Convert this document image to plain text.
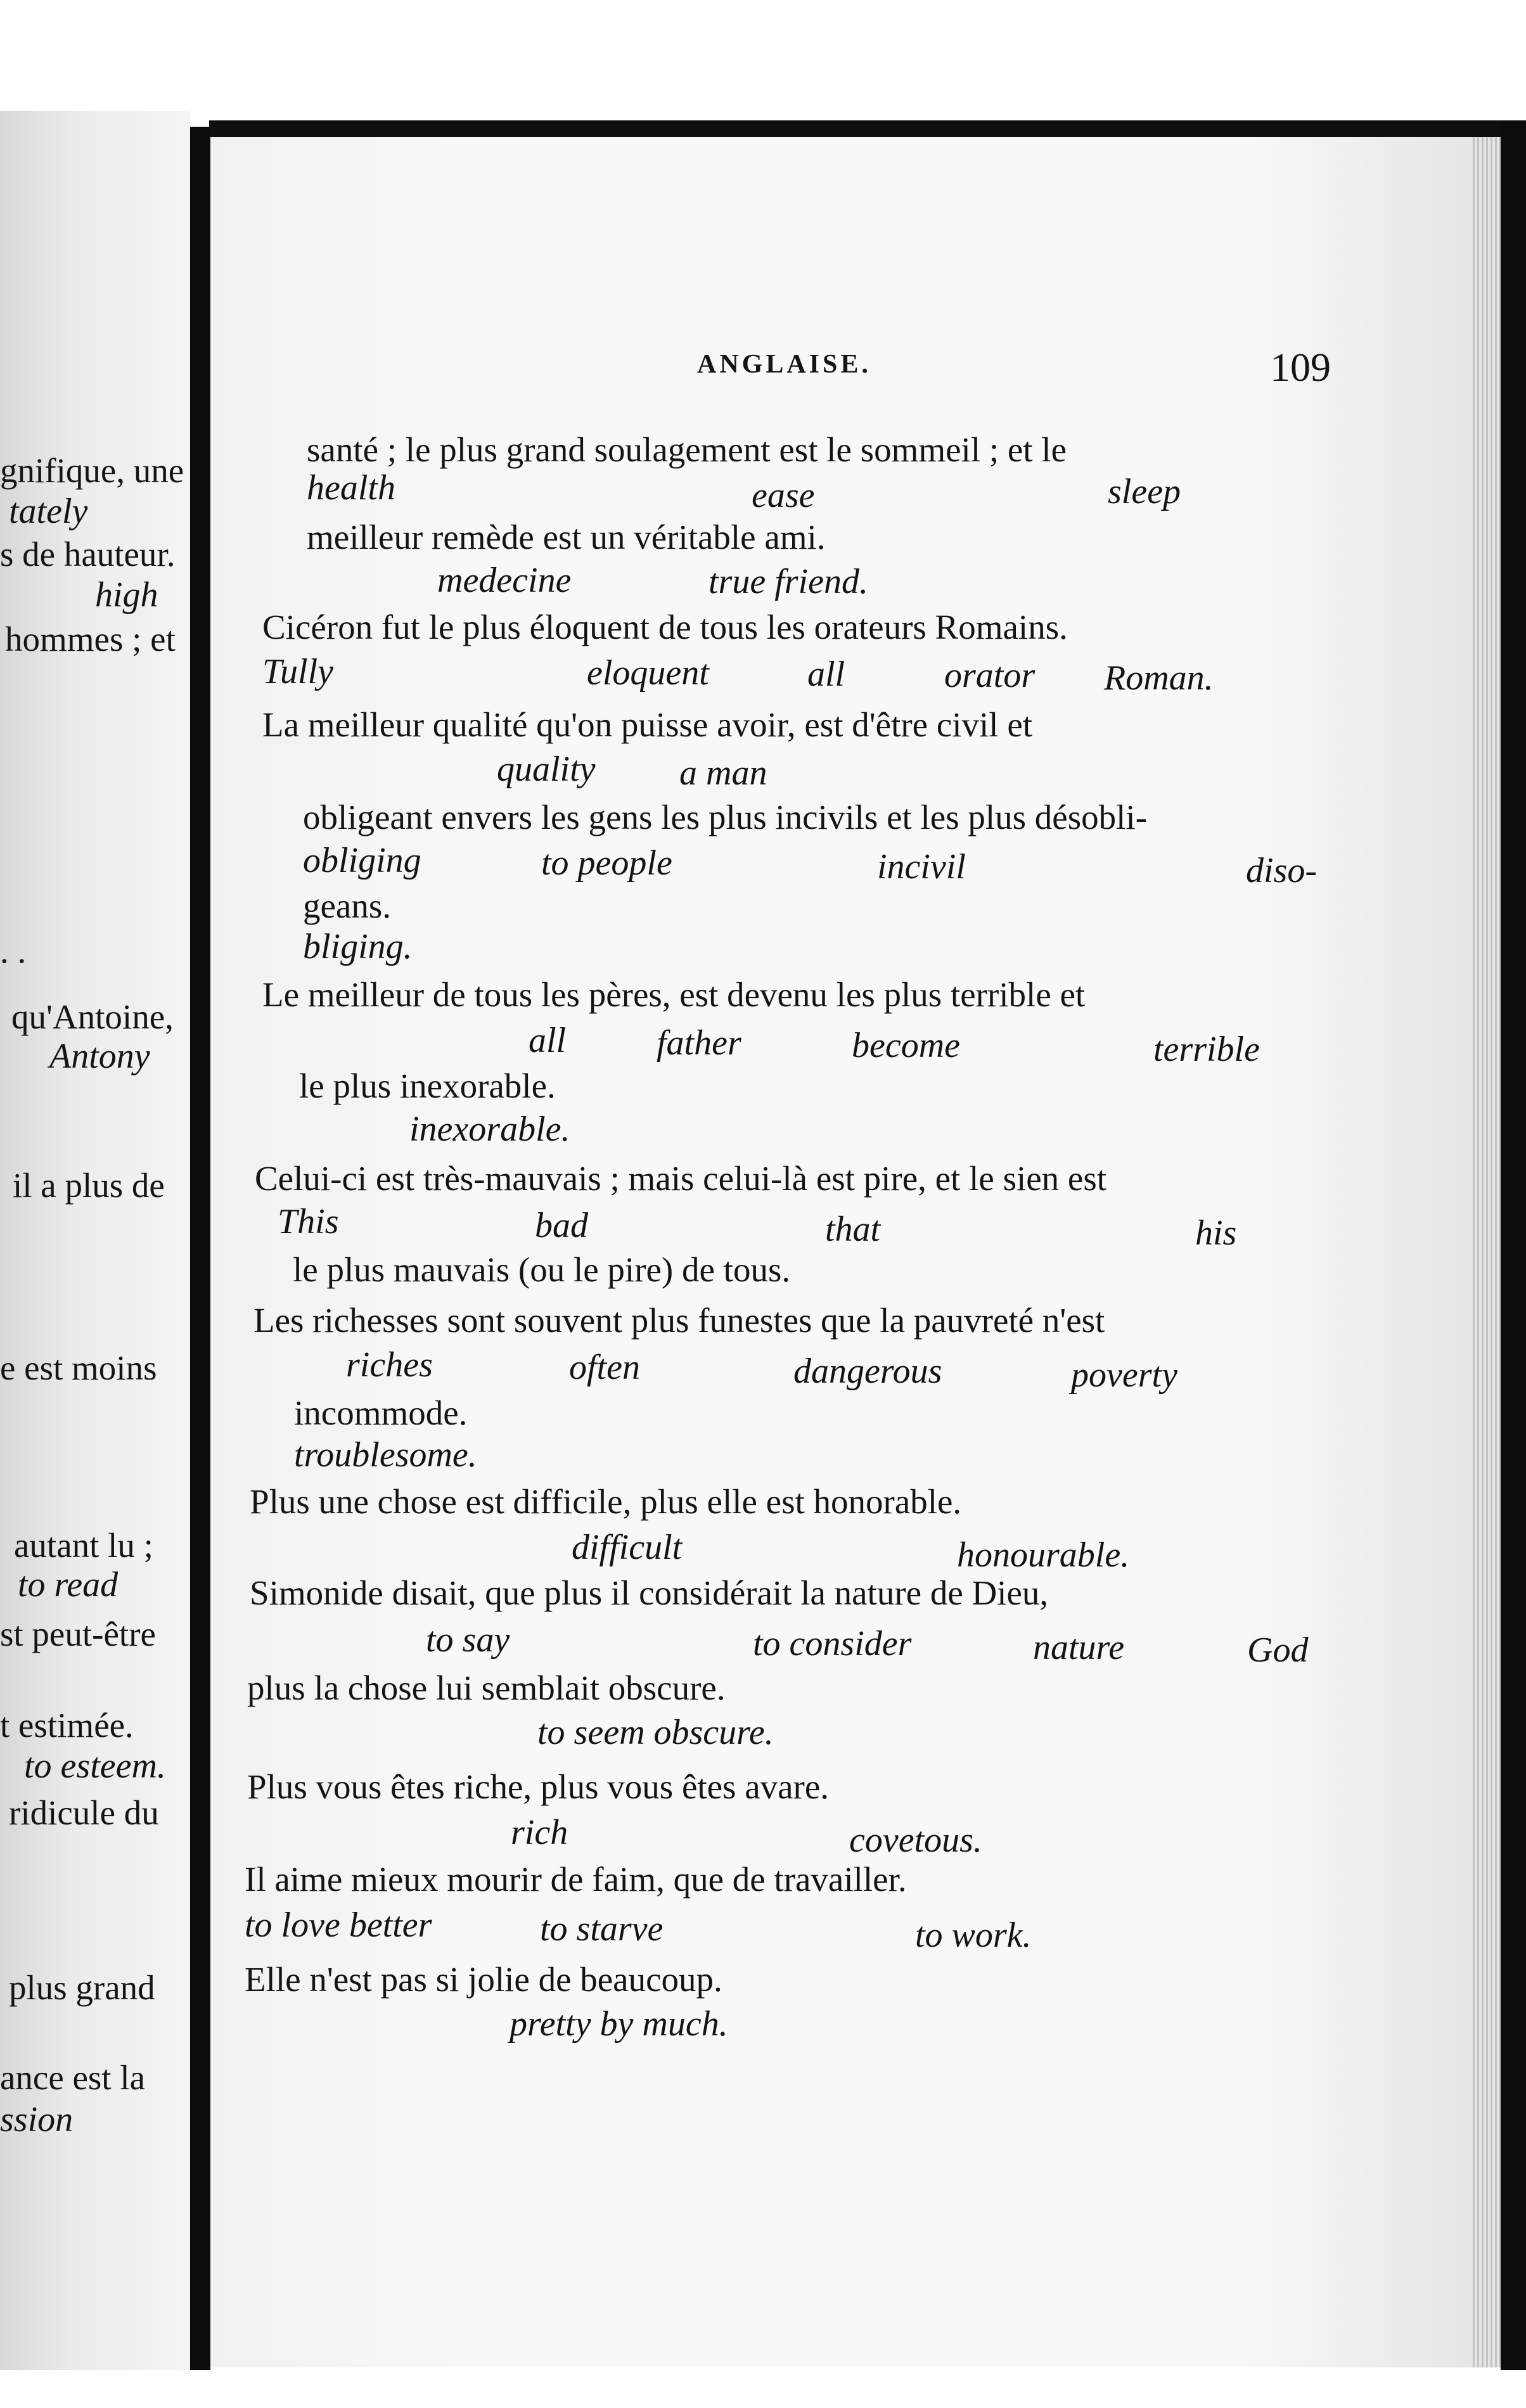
gnifique, une
tately
s de hauteur.
high
hommes ; et
. .
qu'Antoine,
Antony
il a plus de
e est moins
autant lu ;
to read
st peut-être
t estimée.
to esteem.
ridicule du
plus grand
ance est la
ssion
ANGLAISE.	109
santé ; le plus grand soulagement est le sommeil ; et le
health	ease	sleep
meilleur remède est un véritable ami.
medecine	true friend.
Cicéron fut le plus éloquent de tous les orateurs Romains.
Tully	eloquent	all	orator Roman.
La meilleur qualité qu'on puisse avoir, est d'être civil et
quality a man
obligeant envers les gens les plus incivils et les plus désobli-
obliging	to people	incivil	diso-
geans.
bliging.
Le meilleur de tous les pères, est devenu les plus terrible et
all	father	become	terrible
le plus inexorable.
inexorable.
Celui-ci est très-mauvais ; mais celui-là est pire, et le sien est
This	bad	that	his
le plus mauvais (ou le pire) de tous.
Les richesses sont souvent plus funestes que la pauvreté n'est
riches	often	dangerous	poverty
incommode.
troublesome.
Plus une chose est difficile, plus elle est honorable.
difficult	honourable.
Simonide disait, que plus il considérait la nature de Dieu,
to say	to consider	nature	God
plus la chose lui semblait obscure.
to seem obscure.
Plus vous êtes riche, plus vous êtes avare.
rich	covetous.
Il aime mieux mourir de faim, que de travailler.
to love better	to starve	to work.
Elle n'est pas si jolie de beaucoup.
pretty by much.
